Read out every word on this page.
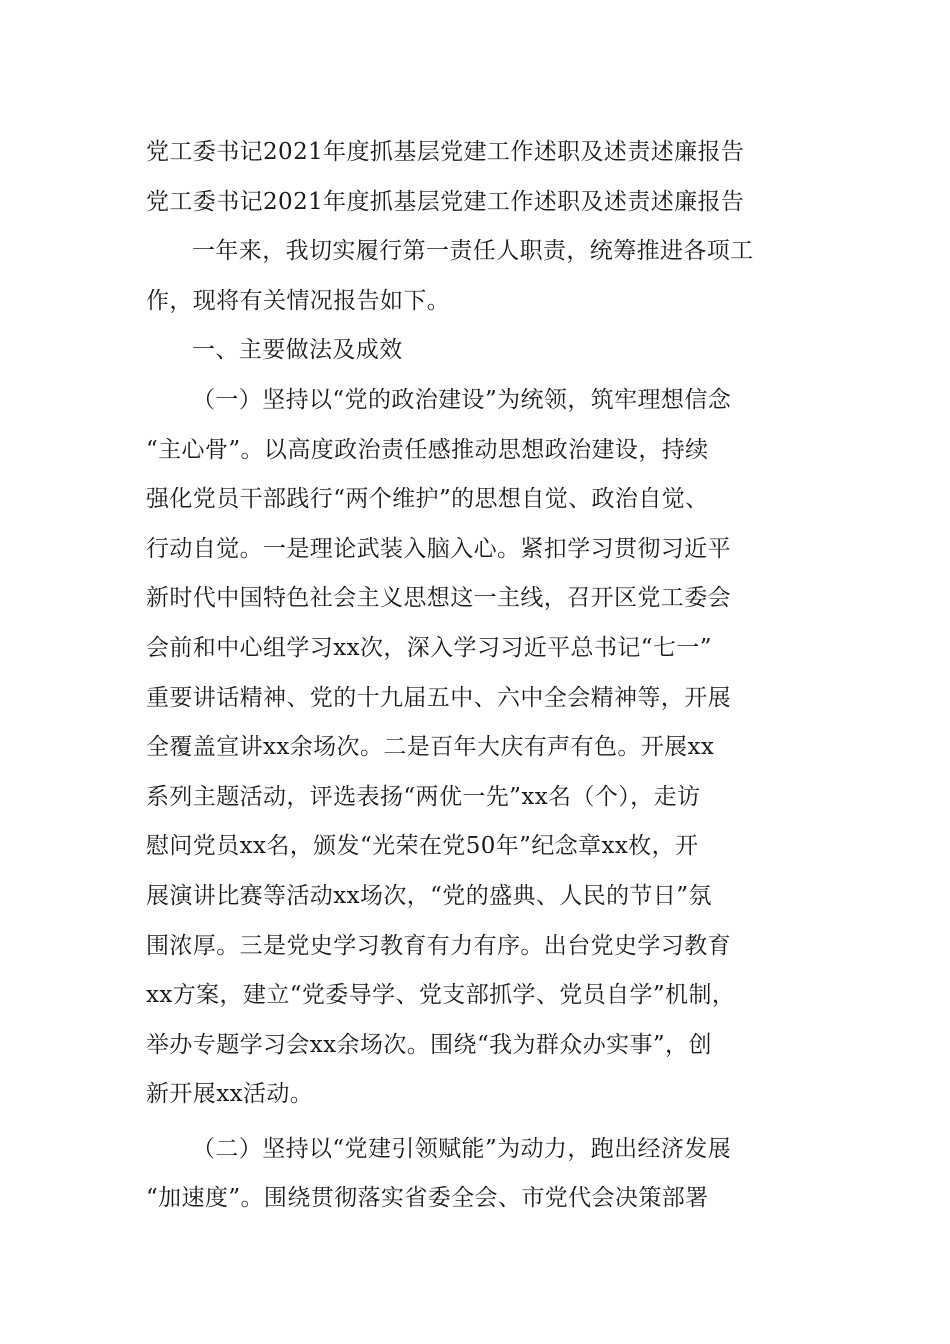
党工委书记2021年度抓基层党建工作述职及述责述廉报告
党工委书记2021年度抓基层党建工作述职及述责述廉报告
一年来，我切实履行第一责任人职责，统筹推进各项工
作，现将有关情况报告如下。
一、主要做法及成效
（一）坚持以“党的政治建设”为统领，筑牢理想信念
“主心骨”。以高度政治责任感推动思想政治建设，持续
强化党员干部践行“两个维护”的思想自觉、政治自觉、
行动自觉。一是理论武装入脑入心。紧扣学习贯彻习近平
新时代中国特色社会主义思想这一主线，召开区党工委会
会前和中心组学习xx次，深入学习习近平总书记“七一”
重要讲话精神、党的十九届五中、六中全会精神等，开展
全覆盖宣讲xx余场次。二是百年大庆有声有色。开展xx
系列主题活动，评选表扬“两优一先”xx名（个），走访
慰问党员xx名，颁发“光荣在党50年”纪念章xx枚，开
展演讲比赛等活动xx场次，“党的盛典、人民的节日”氛
围浓厚。三是党史学习教育有力有序。出台党史学习教育
xx方案，建立“党委导学、党支部抓学、党员自学”机制，
举办专题学习会xx余场次。围绕“我为群众办实事”，创
新开展xx活动。
（二）坚持以“党建引领赋能”为动力，跑出经济发展
“加速度”。围绕贯彻落实省委全会、市党代会决策部署
